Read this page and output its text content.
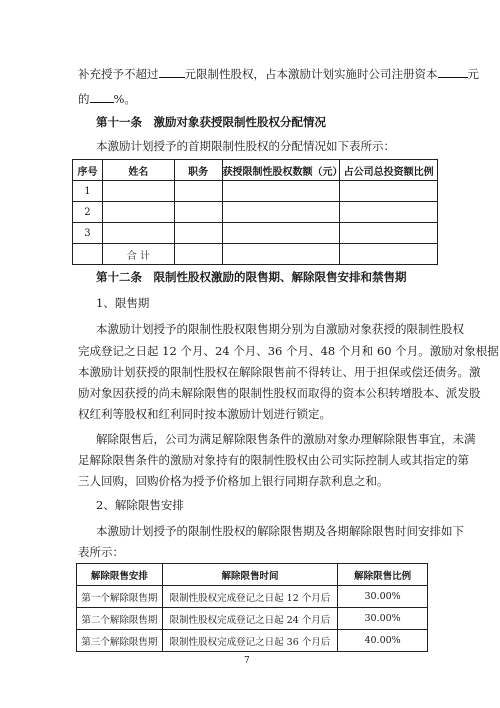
补充授予不超过 元限制性股权，占本激励计划实施时公司注册资本	元
的 %。
第十一条　激励对象获授限制性股权分配情况
本激励计划授予的首期限制性股权的分配情况如下表所示：
序号	姓名	职务	获授限制性股权数额（元）	占公司总投资额比例
1				
2				
3				
	合 计			
第十二条　限制性股权激励的限售期、解除限售安排和禁售期
1、限售期
本激励计划授予的限制性股权限售期分别为自激励对象获授的限制性股权
完成登记之日起 12 个月、24 个月、36 个月、48 个月和 60 个月。激励对象根据
本激励计划获授的限制性股权在解除限售前不得转让、用于担保或偿还债务。激
励对象因获授的尚未解除限售的限制性股权而取得的资本公积转增股本、派发股
权红利等股权和红利同时按本激励计划进行锁定。
解除限售后，公司为满足解除限售条件的激励对象办理解除限售事宜，未满
足解除限售条件的激励对象持有的限制性股权由公司实际控制人或其指定的第
三人回购，回购价格为授予价格加上银行同期存款利息之和。
2、解除限售安排
本激励计划授予的限制性股权的解除限售期及各期解除限售时间安排如下
表所示：
解除限售安排	解除限售时间	解除限售比例
第一个解除限售期	限制性股权完成登记之日起 12 个月后	30.00%
第二个解除限售期	限制性股权完成登记之日起 24 个月后	30.00%
第三个解除限售期	限制性股权完成登记之日起 36 个月后	40.00%
7
